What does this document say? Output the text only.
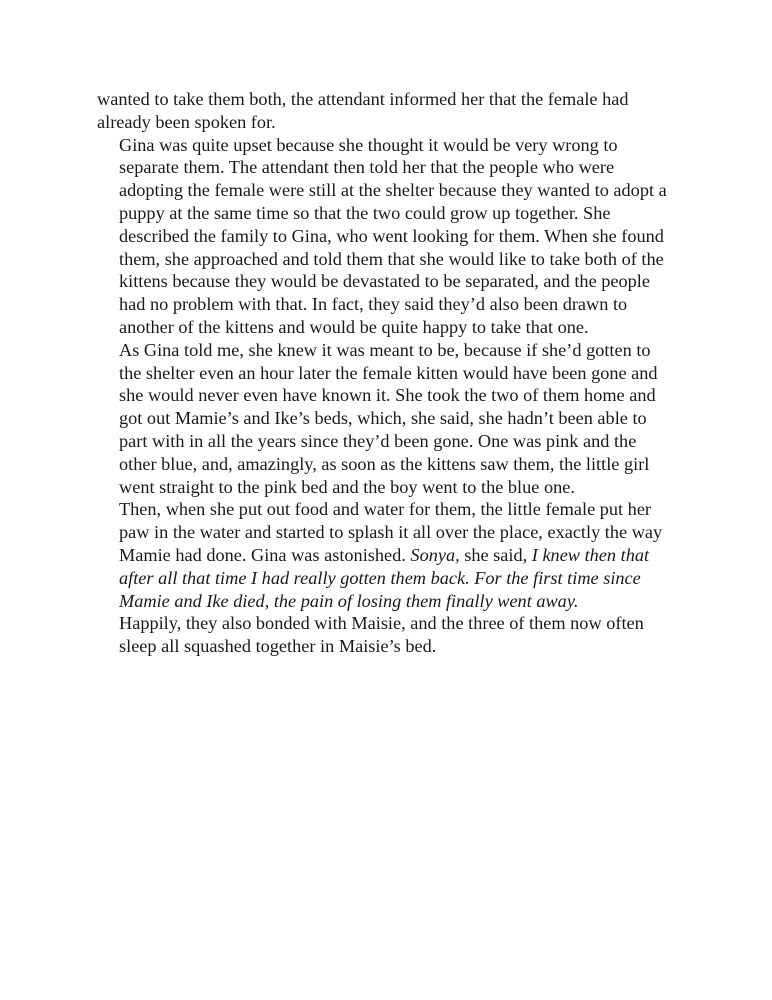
wanted to take them both, the attendant informed her that the female had
already been spoken for.

Gina was quite upset because she thought it would be very wrong to
separate them. The attendant then told her that the people who were
adopting the female were still at the shelter because they wanted to adopt a
puppy at the same time so that the two could grow up together. She
described the family to Gina, who went looking for them. When she found
them, she approached and told them that she would like to take both of the
kittens because they would be devastated to be separated, and the people
had no problem with that. In fact, they said they’d also been drawn to
another of the kittens and would be quite happy to take that one.

As Gina told me, she knew it was meant to be, because if she’d gotten to
the shelter even an hour later the female kitten would have been gone and
she would never even have known it. She took the two of them home and
got out Mamie’s and Ike’s beds, which, she said, she hadn’t been able to
part with in all the years since they’d been gone. One was pink and the
other blue, and, amazingly, as soon as the kittens saw them, the little girl
went straight to the pink bed and the boy went to the blue one.

Then, when she put out food and water for them, the little female put her
paw in the water and started to splash it all over the place, exactly the way
Mamie had done. Gina was astonished. Sonya, she said, I knew then that
after all that time I had really gotten them back. For the first time since
Mamie and Ike died, the pain of losing them finally went away.

Happily, they also bonded with Maisie, and the three of them now often
sleep all squashed together in Maisie’s bed.
